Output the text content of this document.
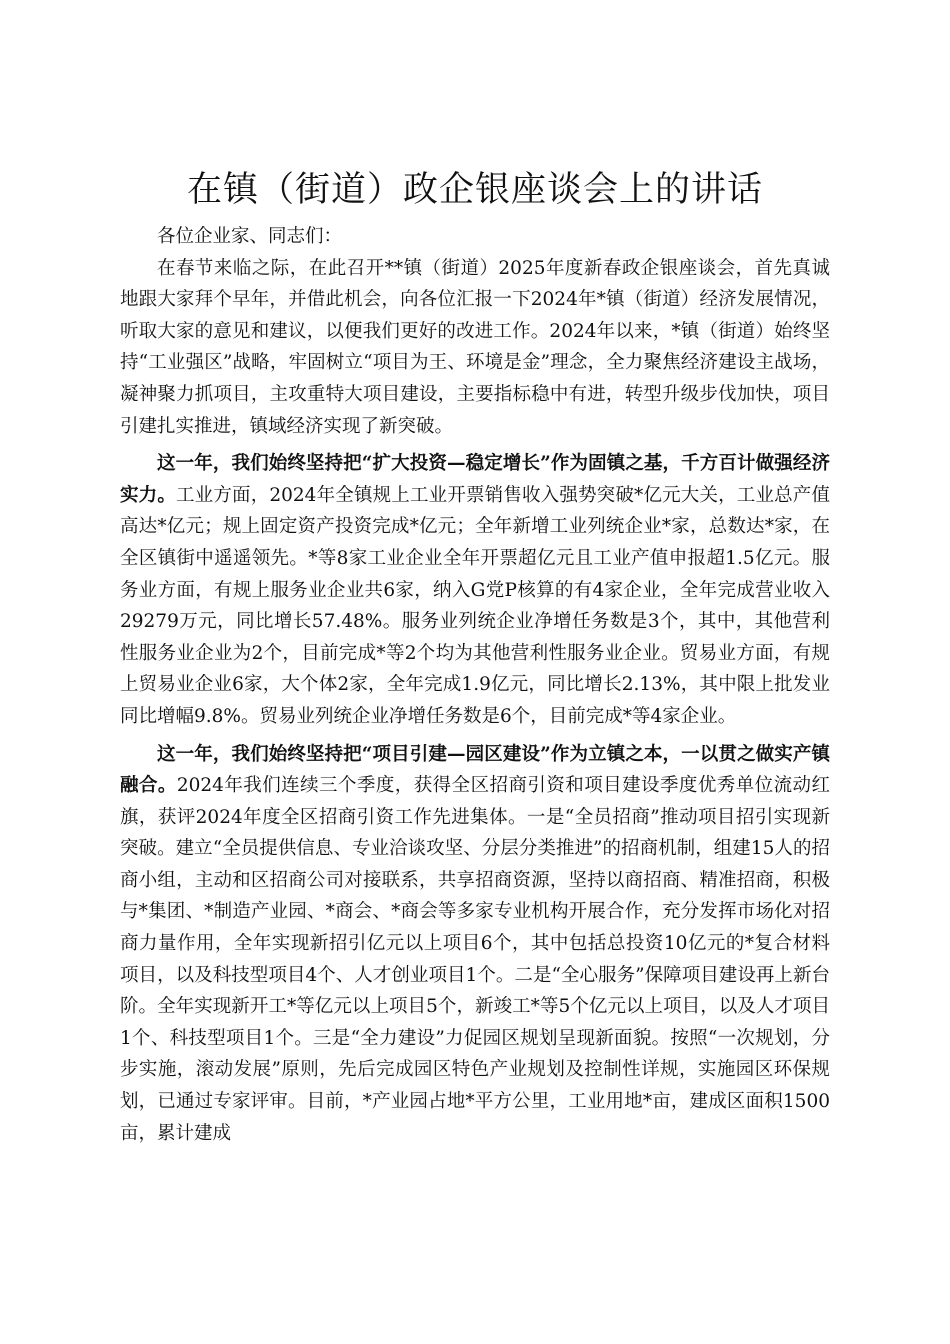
在镇（街道）政企银座谈会上的讲话

各位企业家、同志们：

在春节来临之际，在此召开**镇（街道）2025年度新春政企银座谈会，首先真诚地跟大家拜个早年，并借此机会，向各位汇报一下2024年*镇（街道）经济发展情况，听取大家的意见和建议，以便我们更好的改进工作。2024年以来，*镇（街道）始终坚持“工业强区”战略，牢固树立“项目为王、环境是金”理念，全力聚焦经济建设主战场，凝神聚力抓项目，主攻重特大项目建设，主要指标稳中有进，转型升级步伐加快，项目引建扎实推进，镇域经济实现了新突破。

这一年，我们始终坚持把“扩大投资—稳定增长”作为固镇之基，千方百计做强经济实力。工业方面，2024年全镇规上工业开票销售收入强势突破*亿元大关，工业总产值高达*亿元；规上固定资产投资完成*亿元；全年新增工业列统企业*家，总数达*家，在全区镇街中遥遥领先。*等8家工业企业全年开票超亿元且工业产值申报超1.5亿元。服务业方面，有规上服务业企业共6家，纳入G党P核算的有4家企业，全年完成营业收入29279万元，同比增长57.48%。服务业列统企业净增任务数是3个，其中，其他营利性服务业企业为2个，目前完成*等2个均为其他营利性服务业企业。贸易业方面，有规上贸易业企业6家，大个体2家，全年完成1.9亿元，同比增长2.13%，其中限上批发业同比增幅9.8%。贸易业列统企业净增任务数是6个，目前完成*等4家企业。

这一年，我们始终坚持把“项目引建—园区建设”作为立镇之本，一以贯之做实产镇融合。2024年我们连续三个季度，获得全区招商引资和项目建设季度优秀单位流动红旗，获评2024年度全区招商引资工作先进集体。一是“全员招商”推动项目招引实现新突破。建立“全员提供信息、专业洽谈攻坚、分层分类推进”的招商机制，组建15人的招商小组，主动和区招商公司对接联系，共享招商资源，坚持以商招商、精准招商，积极与*集团、*制造产业园、*商会、*商会等多家专业机构开展合作，充分发挥市场化对招商力量作用，全年实现新招引亿元以上项目6个，其中包括总投资10亿元的*复合材料项目，以及科技型项目4个、人才创业项目1个。二是“全心服务”保障项目建设再上新台阶。全年实现新开工*等亿元以上项目5个，新竣工*等5个亿元以上项目，以及人才项目1个、科技型项目1个。三是“全力建设”力促园区规划呈现新面貌。按照“一次规划，分步实施，滚动发展”原则，先后完成园区特色产业规划及控制性详规，实施园区环保规划，已通过专家评审。目前，*产业园占地*平方公里，工业用地*亩，建成区面积1500亩，累计建成
